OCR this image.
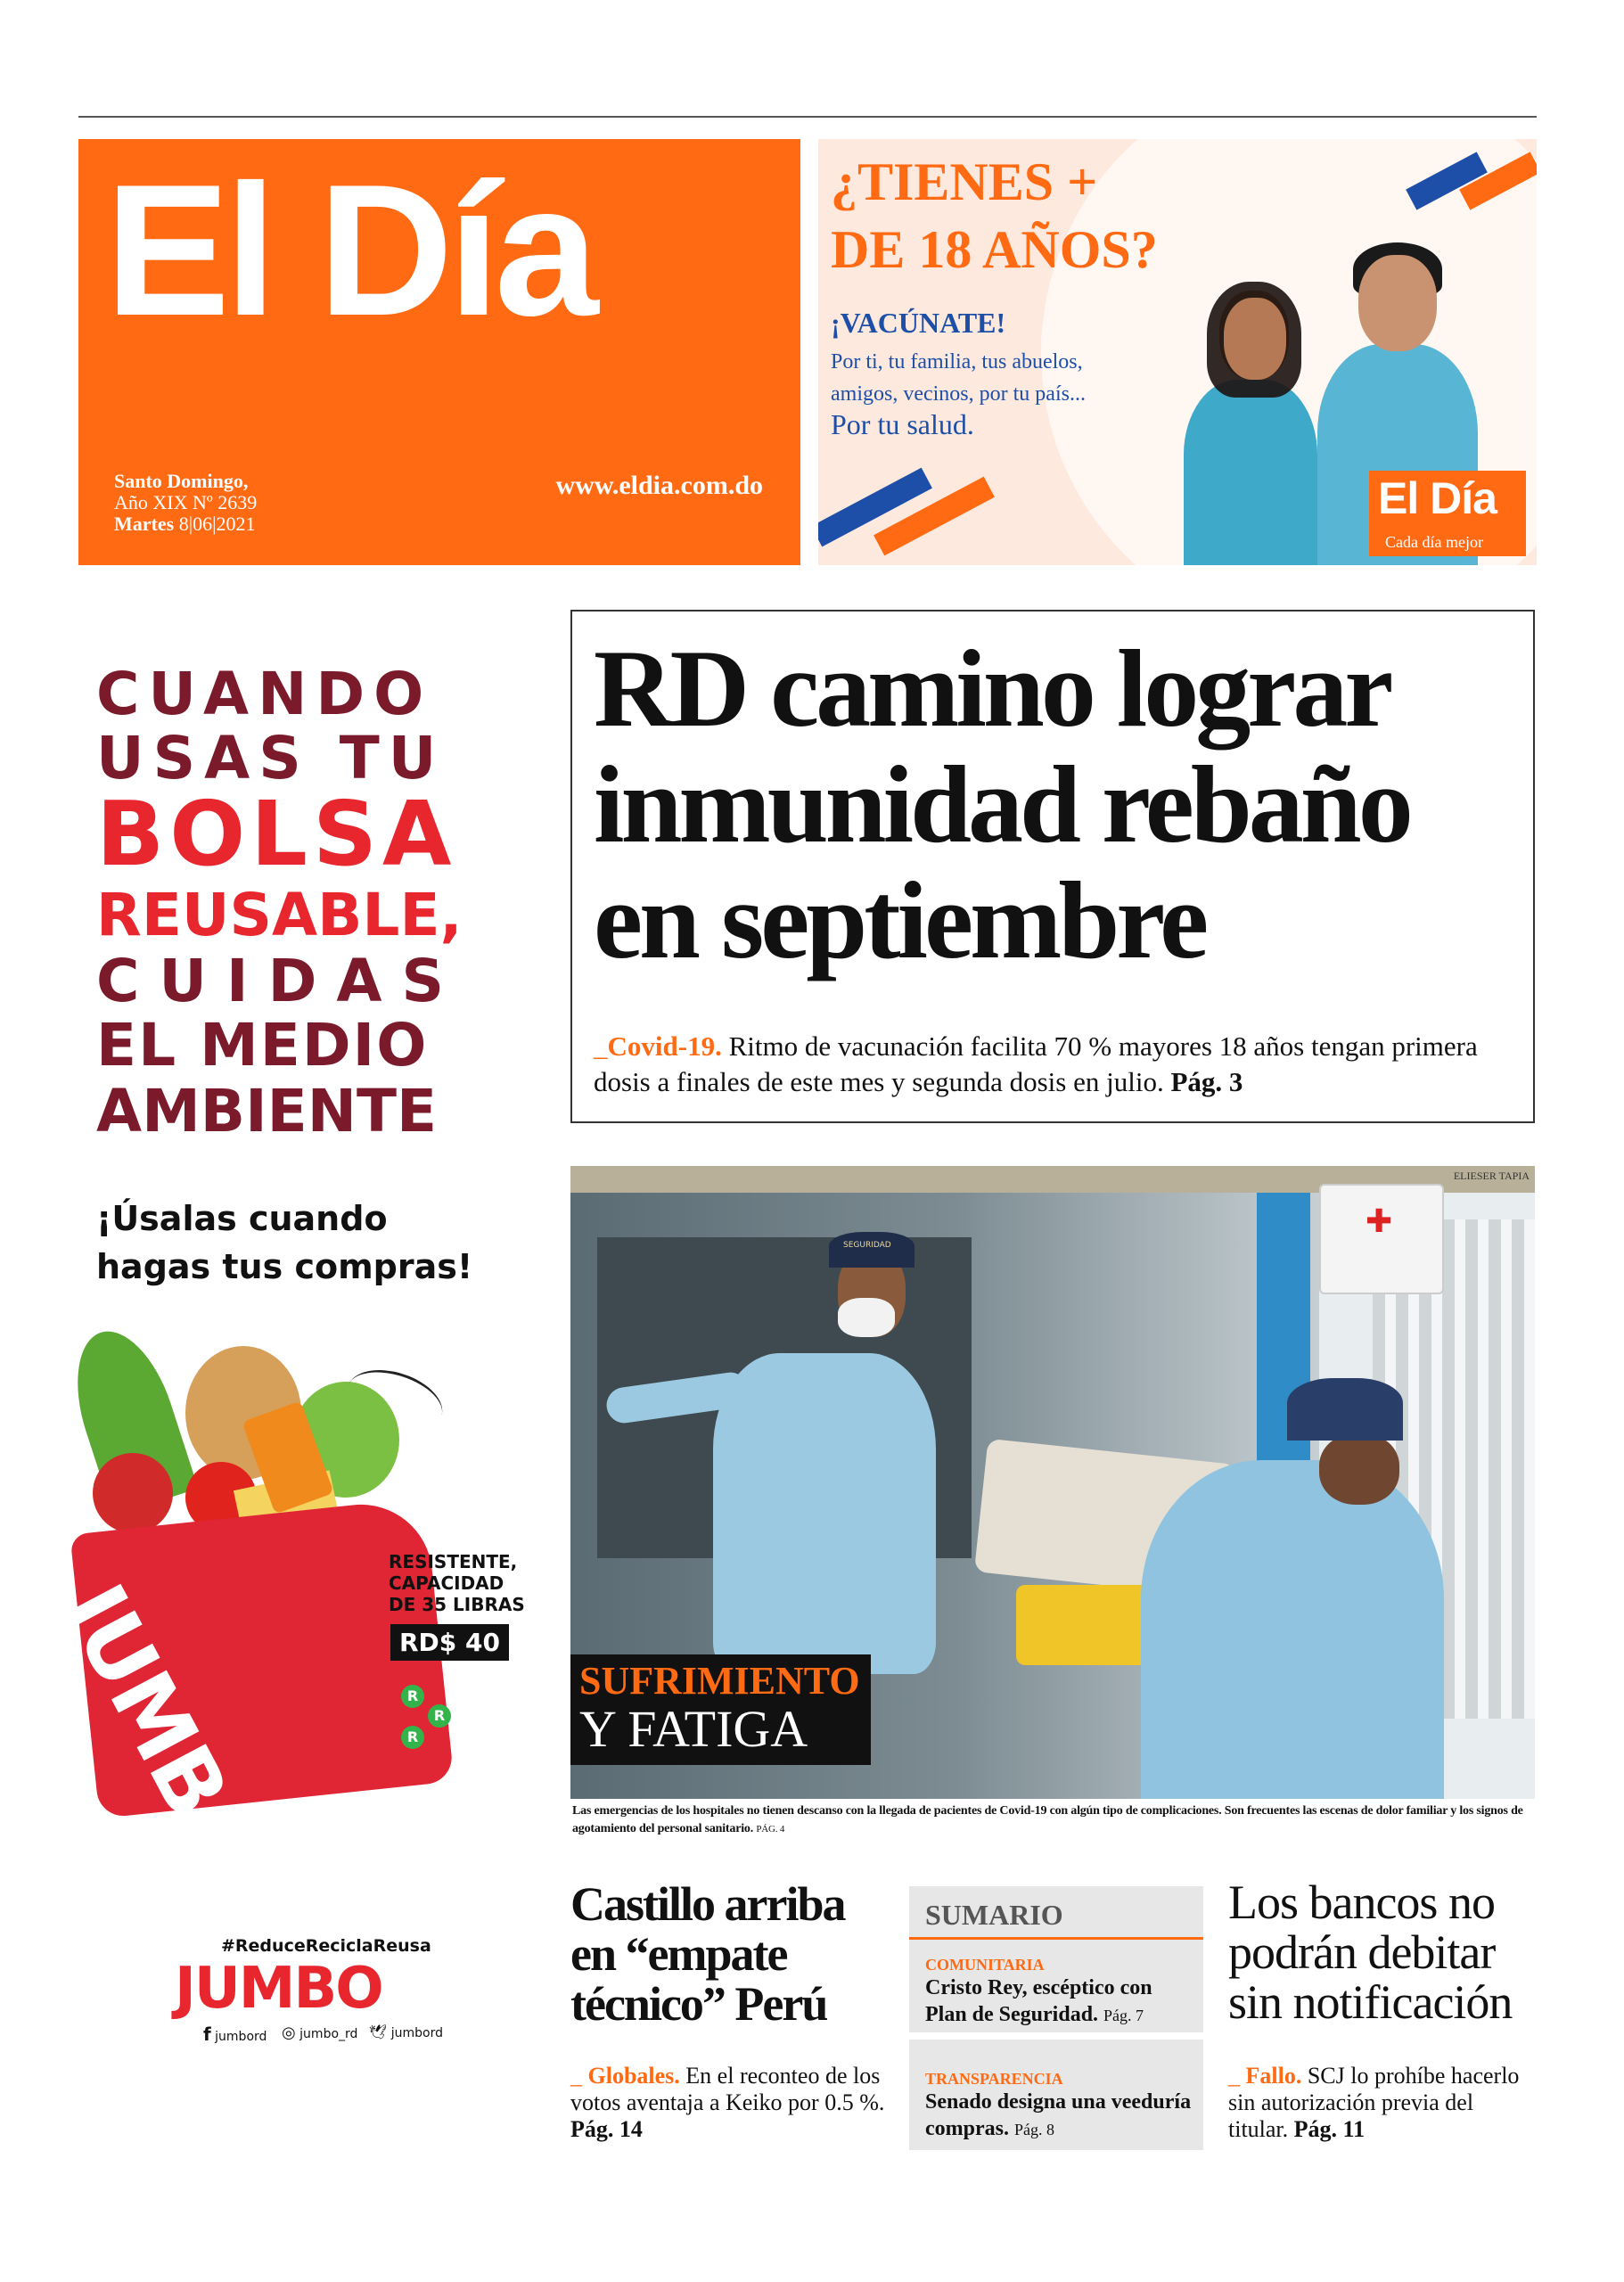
El Día
Santo Domingo,
Año XIX Nº 2639
Martes 8|06|2021
www.eldia.com.do
¿TIENES +
DE 18 AÑOS?
¡VACÚNATE!
Por ti, tu familia, tus abuelos,
amigos, vecinos, por tu país...
Por tu salud.
El Día
Cada día mejor
RD camino lograr inmunidad rebaño en septiembre
_Covid-19. Ritmo de vacunación facilita 70 % mayores 18 años tengan primera dosis a finales de este mes y segunda dosis en julio. Pág. 3
CUANDO
USAS TU
BOLSA
REUSABLE,
CUIDAS
EL MEDIO
AMBIENTE
¡Úsalas cuando
hagas tus compras!
JUMBO
RESISTENTE,
CAPACIDAD
DE 35 LIBRAS
RD$ 40
R
R
R
#ReduceReciclaReusa
JUMBO
f jumbord ◎ jumbo_rd 🕊 jumbord
ELIESER TAPIA
✚
SEGURIDAD
SUFRIMIENTO
Y FATIGA
Las emergencias de los hospitales no tienen descanso con la llegada de pacientes de Covid-19 con algún tipo de complicaciones. Son frecuentes las escenas de dolor familiar y los signos de agotamiento del personal sanitario. PÁG. 4
Castillo arriba
en “empate
técnico” Perú
_ Globales. En el reconteo de los votos aventaja a Keiko por 0.5 %. Pág. 14
SUMARIO
COMUNITARIA
Cristo Rey, escéptico con Plan de Seguridad. Pág. 7
TRANSPARENCIA
Senado designa una veeduría compras. Pág. 8
Los bancos no
podrán debitar
sin notificación
_ Fallo. SCJ lo prohíbe hacerlo sin autorización previa del titular. Pág. 11
